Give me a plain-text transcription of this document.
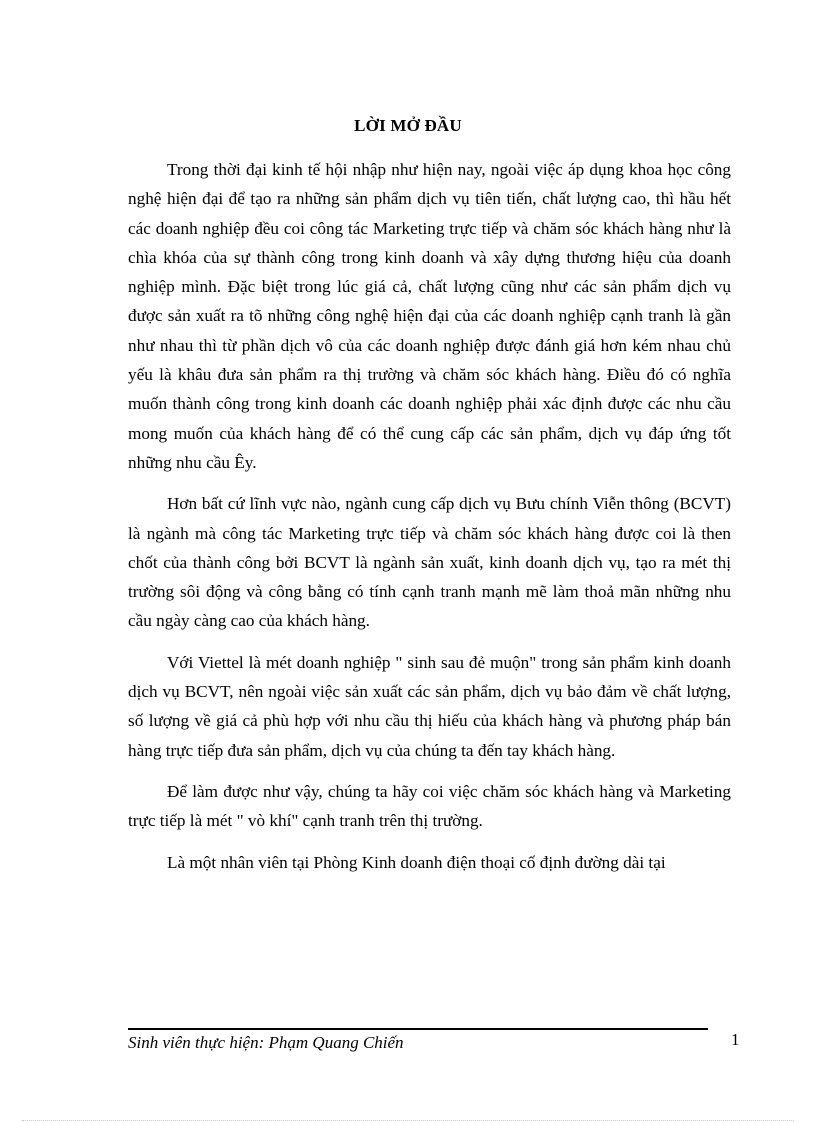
LỜI MỞ ĐẦU

Trong thời đại kinh tế hội nhập như hiện nay, ngoài việc áp dụng khoa học công nghệ hiện đại để tạo ra những sản phẩm dịch vụ tiên tiến, chất lượng cao, thì hầu hết các doanh nghiệp đều coi công tác Marketing trực tiếp và chăm sóc khách hàng như là chìa khóa của sự thành công trong kinh doanh và xây dựng thương hiệu của doanh nghiệp mình. Đặc biệt trong lúc giá cả, chất lượng cũng như các sản phẩm dịch vụ được sản xuất ra tõ những công nghệ hiện đại của các doanh nghiệp cạnh tranh là gần như nhau thì từ phần dịch vô của các doanh nghiệp được đánh giá hơn kém nhau chủ yếu là khâu đưa sản phẩm ra thị trường và chăm sóc khách hàng. Điều đó có nghĩa muốn thành công trong kinh doanh các doanh nghiệp phải xác định được các nhu cầu mong muốn của khách hàng để có thể cung cấp các sản phẩm, dịch vụ đáp ứng tốt những nhu cầu Êy.

Hơn bất cứ lĩnh vực nào, ngành cung cấp dịch vụ Bưu chính Viễn thông (BCVT) là ngành mà công tác Marketing trực tiếp và chăm sóc khách hàng được coi là then chốt của thành công bởi BCVT là ngành sản xuất, kinh doanh dịch vụ, tạo ra mét thị trường sôi động và công bằng có tính cạnh tranh mạnh mẽ làm thoả mãn những nhu cầu ngày càng cao của khách hàng.

Với Viettel là mét doanh nghiệp " sinh sau đẻ muộn" trong sản phẩm kinh doanh dịch vụ BCVT, nên ngoài việc sản xuất các sản phẩm, dịch vụ bảo đảm về chất lượng, số lượng về giá cả phù hợp với nhu cầu thị hiếu của khách hàng và phương pháp bán hàng trực tiếp đưa sản phẩm, dịch vụ của chúng ta đến tay khách hàng.

Để làm được như vậy, chúng ta hãy coi việc chăm sóc khách hàng và Marketing trực tiếp là mét " vò khí" cạnh tranh trên thị trường.

Là một nhân viên tại Phòng Kinh doanh điện thoại cố định đường dài tại

Sinh viên thực hiện: Phạm Quang Chiến	1
